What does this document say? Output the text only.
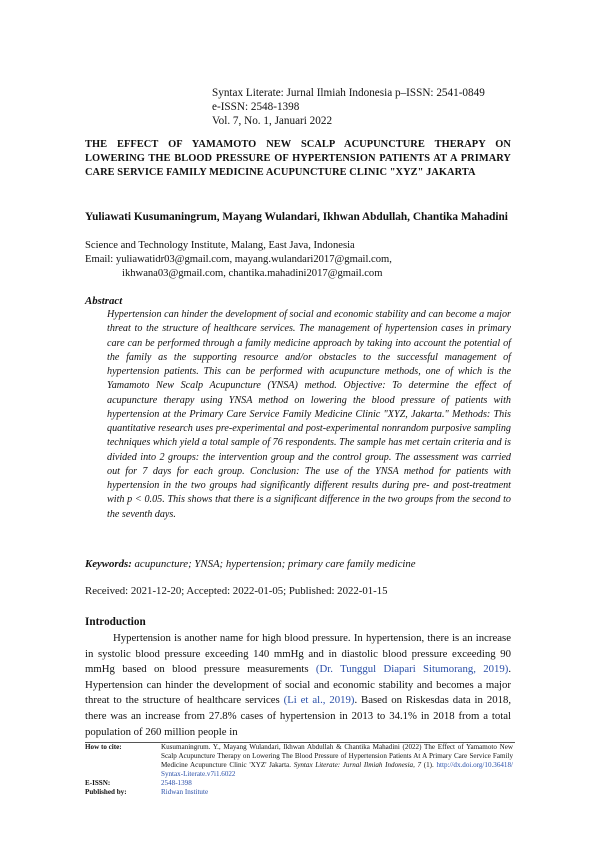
Syntax Literate: Jurnal Ilmiah Indonesia p–ISSN: 2541-0849
e-ISSN: 2548-1398
Vol. 7, No. 1, Januari 2022
THE EFFECT OF YAMAMOTO NEW SCALP ACUPUNCTURE THERAPY ON LOWERING THE BLOOD PRESSURE OF HYPERTENSION PATIENTS AT A PRIMARY CARE SERVICE FAMILY MEDICINE ACUPUNCTURE CLINIC "XYZ" JAKARTA
Yuliawati Kusumaningrum, Mayang Wulandari, Ikhwan Abdullah, Chantika Mahadini
Science and Technology Institute, Malang, East Java, Indonesia
Email: yuliawatidr03@gmail.com, mayang.wulandari2017@gmail.com,
ikhwana03@gmail.com, chantika.mahadini2017@gmail.com
Abstract
Hypertension can hinder the development of social and economic stability and can become a major threat to the structure of healthcare services. The management of hypertension cases in primary care can be performed through a family medicine approach by taking into account the potential of the family as the supporting resource and/or obstacles to the successful management of hypertension patients. This can be performed with acupuncture methods, one of which is the Yamamoto New Scalp Acupuncture (YNSA) method. Objective: To determine the effect of acupuncture therapy using YNSA method on lowering the blood pressure of patients with hypertension at the Primary Care Service Family Medicine Clinic "XYZ, Jakarta." Methods: This quantitative research uses pre-experimental and post-experimental nonrandom purposive sampling techniques which yield a total sample of 76 respondents. The sample has met certain criteria and is divided into 2 groups: the intervention group and the control group. The assessment was carried out for 7 days for each group. Conclusion: The use of the YNSA method for patients with hypertension in the two groups had significantly different results during pre- and post-treatment with p < 0.05. This shows that there is a significant difference in the two groups from the second to the seventh days.
Keywords: acupuncture; YNSA; hypertension; primary care family medicine
Received: 2021-12-20; Accepted: 2022-01-05; Published: 2022-01-15
Introduction
Hypertension is another name for high blood pressure. In hypertension, there is an increase in systolic blood pressure exceeding 140 mmHg and in diastolic blood pressure exceeding 90 mmHg based on blood pressure measurements (Dr. Tunggul Diapari Situmorang, 2019). Hypertension can hinder the development of social and economic stability and becomes a major threat to the structure of healthcare services (Li et al., 2019). Based on Riskesdas data in 2018, there was an increase from 27.8% cases of hypertension in 2013 to 34.1% in 2018 from a total population of 260 million people in
How to cite:	Kusumaningrum. Y., Mayang Wulandari, Ikhwan Abdullah & Chantika Mahadini (2022) The Effect of Yamamoto New Scalp Acupuncture Therapy on Lowering The Blood Pressure of Hypertension Patients At A Primary Care Service Family Medicine Acupuncture Clinic 'XYZ' Jakarta. Syntax Literate: Jurnal Ilmiah Indonesia, 7 (1). http://dx.doi.org/10.36418/ Syntax-Literate.v7i1.6022
E-ISSN:	2548-1398
Published by:	Ridwan Institute
